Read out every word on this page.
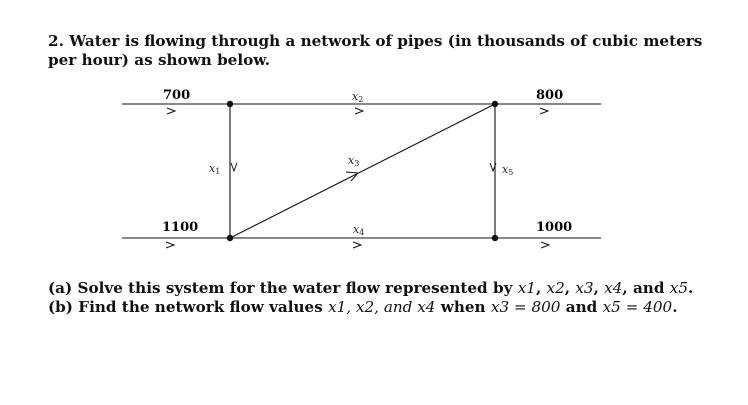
2. Water is flowing through a network of pipes (in thousands of cubic meters per hour) as shown below.
700	800
1100	1000
x2
x1
x3	x5
x4
(a) Solve this system for the water flow represented by x1, x2, x3, x4, and x5.
(b) Find the network flow values x1, x2, and x4 when x3 = 800 and x5 = 400.
